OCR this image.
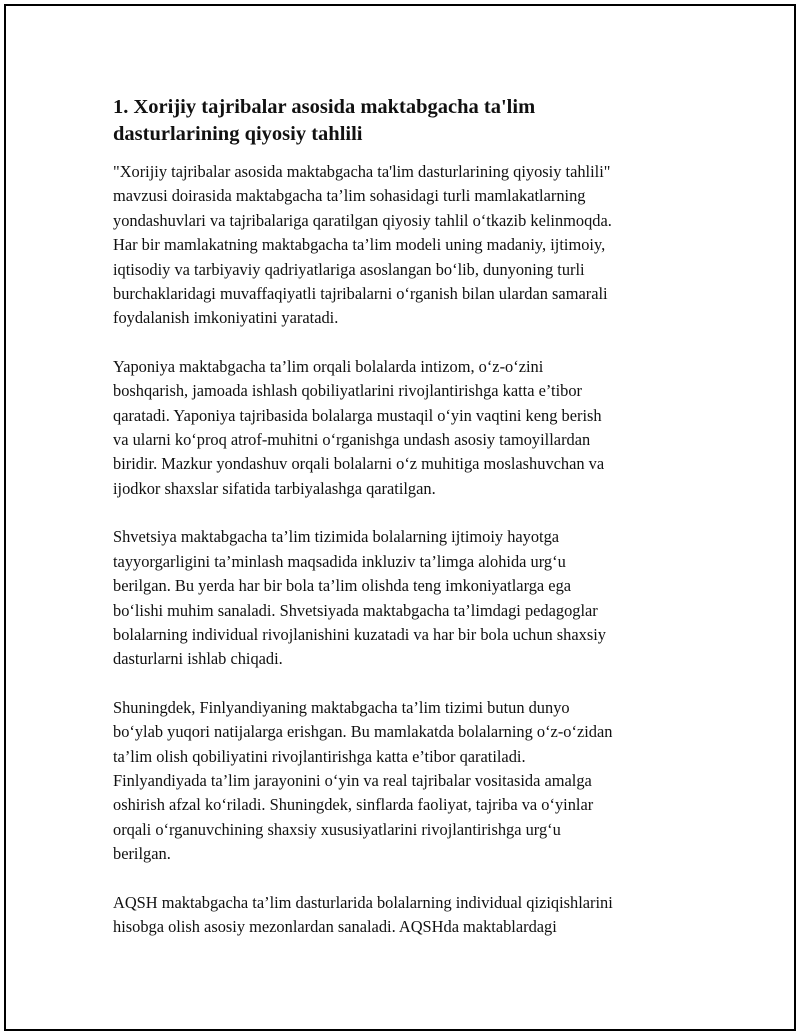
1. Xorijiy tajribalar asosida maktabgacha ta'lim
dasturlarining qiyosiy tahlili

"Xorijiy tajribalar asosida maktabgacha ta'lim dasturlarining qiyosiy tahlili"
mavzusi doirasida maktabgacha ta’lim sohasidagi turli mamlakatlarning
yondashuvlari va tajribalariga qaratilgan qiyosiy tahlil o‘tkazib kelinmoqda.
Har bir mamlakatning maktabgacha ta’lim modeli uning madaniy, ijtimoiy,
iqtisodiy va tarbiyaviy qadriyatlariga asoslangan bo‘lib, dunyoning turli
burchaklaridagi muvaffaqiyatli tajribalarni o‘rganish bilan ulardan samarali
foydalanish imkoniyatini yaratadi.

Yaponiya maktabgacha ta’lim orqali bolalarda intizom, o‘z-o‘zini
boshqarish, jamoada ishlash qobiliyatlarini rivojlantirishga katta e’tibor
qaratadi. Yaponiya tajribasida bolalarga mustaqil o‘yin vaqtini keng berish
va ularni ko‘proq atrof-muhitni o‘rganishga undash asosiy tamoyillardan
biridir. Mazkur yondashuv orqali bolalarni o‘z muhitiga moslashuvchan va
ijodkor shaxslar sifatida tarbiyalashga qaratilgan.

Shvetsiya maktabgacha ta’lim tizimida bolalarning ijtimoiy hayotga
tayyorgarligini ta’minlash maqsadida inkluziv ta’limga alohida urg‘u
berilgan. Bu yerda har bir bola ta’lim olishda teng imkoniyatlarga ega
bo‘lishi muhim sanaladi. Shvetsiyada maktabgacha ta’limdagi pedagoglar
bolalarning individual rivojlanishini kuzatadi va har bir bola uchun shaxsiy
dasturlarni ishlab chiqadi.

Shuningdek, Finlyandiyaning maktabgacha ta’lim tizimi butun dunyo
bo‘ylab yuqori natijalarga erishgan. Bu mamlakatda bolalarning o‘z-o‘zidan
ta’lim olish qobiliyatini rivojlantirishga katta e’tibor qaratiladi.
Finlyandiyada ta’lim jarayonini o‘yin va real tajribalar vositasida amalga
oshirish afzal ko‘riladi. Shuningdek, sinflarda faoliyat, tajriba va o‘yinlar
orqali o‘rganuvchining shaxsiy xususiyatlarini rivojlantirishga urg‘u
berilgan.

AQSH maktabgacha ta’lim dasturlarida bolalarning individual qiziqishlarini
hisobga olish asosiy mezonlardan sanaladi. AQSHda maktablardagi
